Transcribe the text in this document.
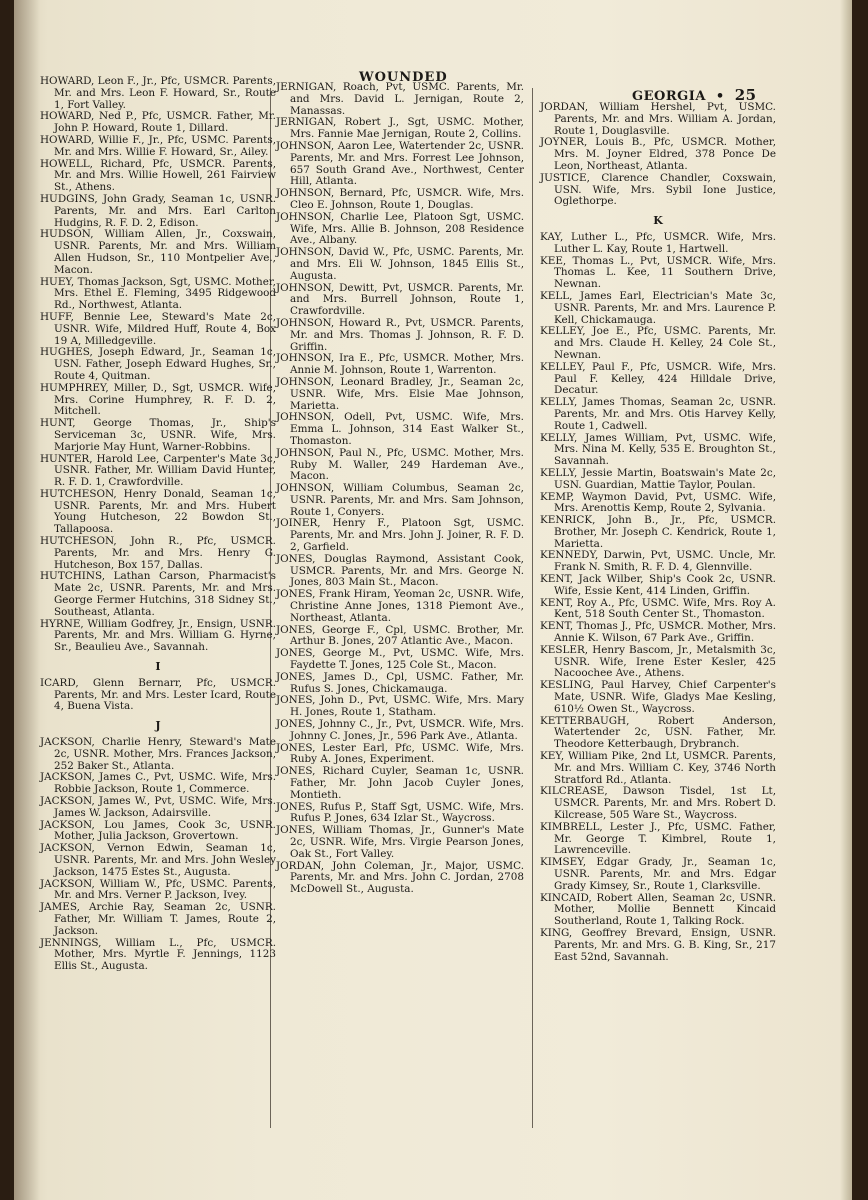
WOUNDED
GEORGIA • 25
HOWARD, Leon F., Jr., Pfc, USMCR. Parents, Mr. and Mrs. Leon F. Howard, Sr., Route 1, Fort Valley.
HOWARD, Ned P., Pfc, USMCR. Father, Mr. John P. Howard, Route 1, Dillard.
HOWARD, Willie F., Jr., Pfc, USMC. Parents, Mr. and Mrs. Willie F. Howard, Sr., Ailey.
HOWELL, Richard, Pfc, USMCR. Parents, Mr. and Mrs. Willie Howell, 261 Fairview St., Athens.
HUDGINS, John Grady, Seaman 1c, USNR. Parents, Mr. and Mrs. Earl Carlton Hudgins, R. F. D. 2, Edison.
HUDSON, William Allen, Jr., Coxswain, USNR. Parents, Mr. and Mrs. William Allen Hudson, Sr., 110 Montpelier Ave., Macon.
HUEY, Thomas Jackson, Sgt, USMC. Mother, Mrs. Ethel E. Fleming, 3495 Ridgewood Rd., Northwest, Atlanta.
HUFF, Bennie Lee, Steward's Mate 2c, USNR. Wife, Mildred Huff, Route 4, Box 19 A, Milledgeville.
HUGHES, Joseph Edward, Jr., Seaman 1c, USN. Father, Joseph Edward Hughes, Sr., Route 4, Quitman.
HUMPHREY, Miller, D., Sgt, USMCR. Wife, Mrs. Corine Humphrey, R. F. D. 2, Mitchell.
HUNT, George Thomas, Jr., Ship's Serviceman 3c, USNR. Wife, Mrs. Marjorie May Hunt, Warner-Robbins.
HUNTER, Harold Lee, Carpenter's Mate 3c, USNR. Father, Mr. William David Hunter, R. F. D. 1, Crawfordville.
HUTCHESON, Henry Donald, Seaman 1c, USNR. Parents, Mr. and Mrs. Hubert Young Hutcheson, 22 Bowdon St., Tallapoosa.
HUTCHESON, John R., Pfc, USMCR. Parents, Mr. and Mrs. Henry G. Hutcheson, Box 157, Dallas.
HUTCHINS, Lathan Carson, Pharmacist's Mate 2c, USNR. Parents, Mr. and Mrs. George Fermer Hutchins, 318 Sidney St., Southeast, Atlanta.
HYRNE, William Godfrey, Jr., Ensign, USNR. Parents, Mr. and Mrs. William G. Hyrne, Sr., Beaulieu Ave., Savannah.
I
ICARD, Glenn Bernarr, Pfc, USMCR. Parents, Mr. and Mrs. Lester Icard, Route 4, Buena Vista.
J
JACKSON, Charlie Henry, Steward's Mate 2c, USNR. Mother, Mrs. Frances Jackson, 252 Baker St., Atlanta.
JACKSON, James C., Pvt, USMC. Wife, Mrs. Robbie Jackson, Route 1, Commerce.
JACKSON, James W., Pvt, USMC. Wife, Mrs. James W. Jackson, Adairsville.
JACKSON, Lou James, Cook 3c, USNR. Mother, Julia Jackson, Grovertown.
JACKSON, Vernon Edwin, Seaman 1c, USNR. Parents, Mr. and Mrs. John Wesley Jackson, 1475 Estes St., Augusta.
JACKSON, William W., Pfc, USMC. Parents, Mr. and Mrs. Verner P. Jackson, Ivey.
JAMES, Archie Ray, Seaman 2c, USNR. Father, Mr. William T. James, Route 2, Jackson.
JENNINGS, William L., Pfc, USMCR. Mother, Mrs. Myrtle F. Jennings, 1123 Ellis St., Augusta.
JERNIGAN, Roach, Pvt, USMC. Parents, Mr. and Mrs. David L. Jernigan, Route 2, Manassas.
JERNIGAN, Robert J., Sgt, USMC. Mother, Mrs. Fannie Mae Jernigan, Route 2, Collins.
JOHNSON, Aaron Lee, Watertender 2c, USNR. Parents, Mr. and Mrs. Forrest Lee Johnson, 657 South Grand Ave., Northwest, Center Hill, Atlanta.
JOHNSON, Bernard, Pfc, USMCR. Wife, Mrs. Cleo E. Johnson, Route 1, Douglas.
JOHNSON, Charlie Lee, Platoon Sgt, USMC. Wife, Mrs. Allie B. Johnson, 208 Residence Ave., Albany.
JOHNSON, David W., Pfc, USMC. Parents, Mr. and Mrs. Eli W. Johnson, 1845 Ellis St., Augusta.
JOHNSON, Dewitt, Pvt, USMCR. Parents, Mr. and Mrs. Burrell Johnson, Route 1, Crawfordville.
JOHNSON, Howard R., Pvt, USMCR. Parents, Mr. and Mrs. Thomas J. Johnson, R. F. D. Griffin.
JOHNSON, Ira E., Pfc, USMCR. Mother, Mrs. Annie M. Johnson, Route 1, Warrenton.
JOHNSON, Leonard Bradley, Jr., Seaman 2c, USNR. Wife, Mrs. Elsie Mae Johnson, Marietta.
JOHNSON, Odell, Pvt, USMC. Wife, Mrs. Emma L. Johnson, 314 East Walker St., Thomaston.
JOHNSON, Paul N., Pfc, USMC. Mother, Mrs. Ruby M. Waller, 249 Hardeman Ave., Macon.
JOHNSON, William Columbus, Seaman 2c, USNR. Parents, Mr. and Mrs. Sam Johnson, Route 1, Conyers.
JOINER, Henry F., Platoon Sgt, USMC. Parents, Mr. and Mrs. John J. Joiner, R. F. D. 2, Garfield.
JONES, Douglas Raymond, Assistant Cook, USMCR. Parents, Mr. and Mrs. George N. Jones, 803 Main St., Macon.
JONES, Frank Hiram, Yeoman 2c, USNR. Wife, Christine Anne Jones, 1318 Piemont Ave., Northeast, Atlanta.
JONES, George F., Cpl, USMC. Brother, Mr. Arthur B. Jones, 207 Atlantic Ave., Macon.
JONES, George M., Pvt, USMC. Wife, Mrs. Faydette T. Jones, 125 Cole St., Macon.
JONES, James D., Cpl, USMC. Father, Mr. Rufus S. Jones, Chickamauga.
JONES, John D., Pvt, USMC. Wife, Mrs. Mary H. Jones, Route 1, Statham.
JONES, Johnny C., Jr., Pvt, USMCR. Wife, Mrs. Johnny C. Jones, Jr., 596 Park Ave., Atlanta.
JONES, Lester Earl, Pfc, USMC. Wife, Mrs. Ruby A. Jones, Experiment.
JONES, Richard Cuyler, Seaman 1c, USNR. Father, Mr. John Jacob Cuyler Jones, Montieth.
JONES, Rufus P., Staff Sgt, USMC. Wife, Mrs. Rufus P. Jones, 634 Izlar St., Waycross.
JONES, William Thomas, Jr., Gunner's Mate 2c, USNR. Wife, Mrs. Virgie Pearson Jones, Oak St., Fort Valley.
JORDAN, John Coleman, Jr., Major, USMC. Parents, Mr. and Mrs. John C. Jordan, 2708 McDowell St., Augusta.
JORDAN, William Hershel, Pvt, USMC. Parents, Mr. and Mrs. William A. Jordan, Route 1, Douglasville.
JOYNER, Louis B., Pfc, USMCR. Mother, Mrs. M. Joyner Eldred, 378 Ponce De Leon, Northeast, Atlanta.
JUSTICE, Clarence Chandler, Coxswain, USN. Wife, Mrs. Sybil Ione Justice, Oglethorpe.
K
KAY, Luther L., Pfc, USMCR. Wife, Mrs. Luther L. Kay, Route 1, Hartwell.
KEE, Thomas L., Pvt, USMCR. Wife, Mrs. Thomas L. Kee, 11 Southern Drive, Newnan.
KELL, James Earl, Electrician's Mate 3c, USNR. Parents, Mr. and Mrs. Laurence P. Kell, Chickamauga.
KELLEY, Joe E., Pfc, USMC. Parents, Mr. and Mrs. Claude H. Kelley, 24 Cole St., Newnan.
KELLEY, Paul F., Pfc, USMCR. Wife, Mrs. Paul F. Kelley, 424 Hilldale Drive, Decatur.
KELLY, James Thomas, Seaman 2c, USNR. Parents, Mr. and Mrs. Otis Harvey Kelly, Route 1, Cadwell.
KELLY, James William, Pvt, USMC. Wife, Mrs. Nina M. Kelly, 535 E. Broughton St., Savannah.
KELLY, Jessie Martin, Boatswain's Mate 2c, USN. Guardian, Mattie Taylor, Poulan.
KEMP, Waymon David, Pvt, USMC. Wife, Mrs. Arenottis Kemp, Route 2, Sylvania.
KENRICK, John B., Jr., Pfc, USMCR. Brother, Mr. Joseph C. Kendrick, Route 1, Marietta.
KENNEDY, Darwin, Pvt, USMC. Uncle, Mr. Frank N. Smith, R. F. D. 4, Glennville.
KENT, Jack Wilber, Ship's Cook 2c, USNR. Wife, Essie Kent, 414 Linden, Griffin.
KENT, Roy A., Pfc, USMC. Wife, Mrs. Roy A. Kent, 518 South Center St., Thomaston.
KENT, Thomas J., Pfc, USMCR. Mother, Mrs. Annie K. Wilson, 67 Park Ave., Griffin.
KESLER, Henry Bascom, Jr., Metalsmith 3c, USNR. Wife, Irene Ester Kesler, 425 Nacoochee Ave., Athens.
KESLING, Paul Harvey, Chief Carpenter's Mate, USNR. Wife, Gladys Mae Kesling, 610½ Owen St., Waycross.
KETTERBAUGH, Robert Anderson, Watertender 2c, USN. Father, Mr. Theodore Ketterbaugh, Drybranch.
KEY, William Pike, 2nd Lt, USMCR. Parents, Mr. and Mrs. William C. Key, 3746 North Stratford Rd., Atlanta.
KILCREASE, Dawson Tisdel, 1st Lt, USMCR. Parents, Mr. and Mrs. Robert D. Kilcrease, 505 Ware St., Waycross.
KIMBRELL, Lester J., Pfc, USMC. Father, Mr. George T. Kimbrel, Route 1, Lawrenceville.
KIMSEY, Edgar Grady, Jr., Seaman 1c, USNR. Parents, Mr. and Mrs. Edgar Grady Kimsey, Sr., Route 1, Clarksville.
KINCAID, Robert Allen, Seaman 2c, USNR. Mother, Mollie Bennett Kincaid Southerland, Route 1, Talking Rock.
KING, Geoffrey Brevard, Ensign, USNR. Parents, Mr. and Mrs. G. B. King, Sr., 217 East 52nd, Savannah.
